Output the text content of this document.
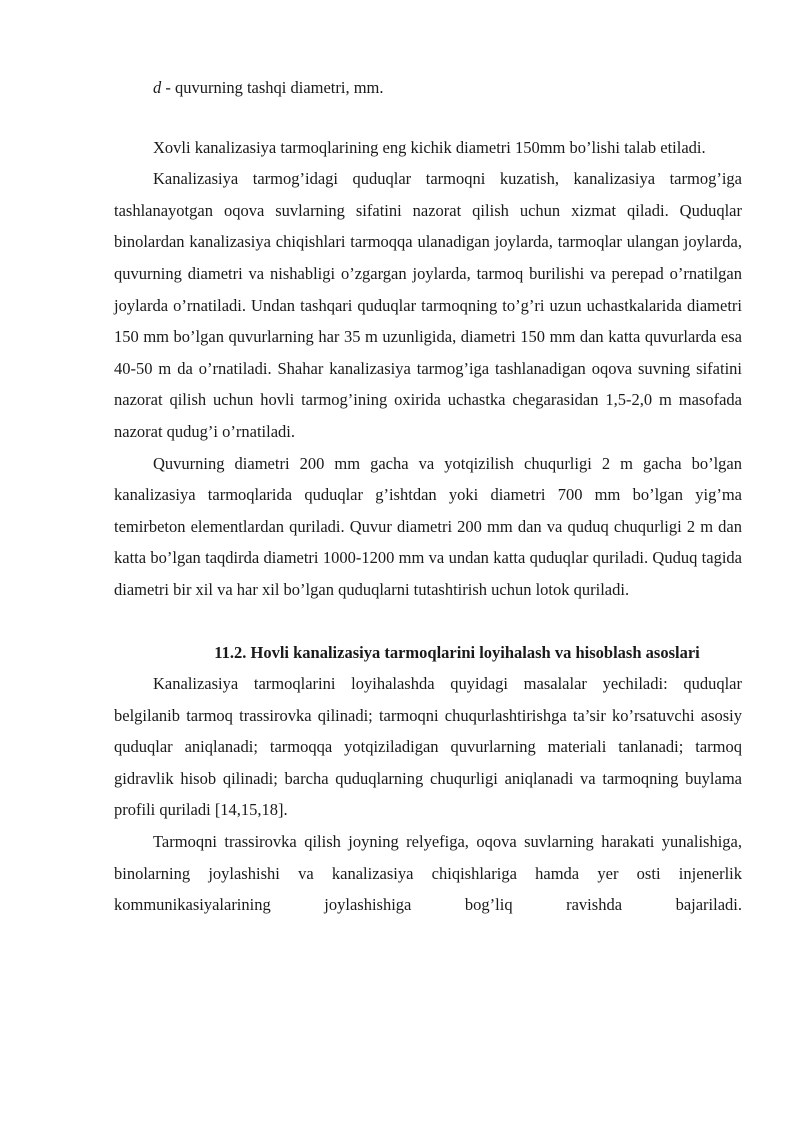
d - quvurning tashqi diametri, mm.

Xovli kanalizasiya tarmoqlarining eng kichik diametri 150mm bo’lishi talab etiladi.

Kanalizasiya tarmog’idagi quduqlar tarmoqni kuzatish, kanalizasiya tarmog’iga tashlanayotgan oqova suvlarning sifatini nazorat qilish uchun xizmat qiladi. Quduqlar binolardan kanalizasiya chiqishlari tarmoqqa ulanadigan joylarda, tarmoqlar ulangan joylarda, quvurning diametri va nishabligi o’zgargan joylarda, tarmoq burilishi va perepad o’rnatilgan joylarda o’rnatiladi. Undan tashqari quduqlar tarmoqning to’g’ri uzun uchastkalarida diametri 150 mm bo’lgan quvurlarning har 35 m uzunligida, diametri 150 mm dan katta quvurlarda esa 40-50 m da o’rnatiladi. Shahar kanalizasiya tarmog’iga tashlanadigan oqova suvning sifatini nazorat qilish uchun hovli tarmog’ining oxirida uchastka chegarasidan 1,5-2,0 m masofada nazorat qudug’i o’rnatiladi.

Quvurning diametri 200 mm gacha va yotqizilish chuqurligi 2 m gacha bo’lgan kanalizasiya tarmoqlarida quduqlar g’ishtdan yoki diametri 700 mm bo’lgan yig’ma temirbeton elementlardan quriladi. Quvur diametri 200 mm dan va quduq chuqurligi 2 m dan katta bo’lgan taqdirda diametri 1000-1200 mm va undan katta quduqlar quriladi. Quduq tagida diametri bir xil va har xil bo’lgan quduqlarni tutashtirish uchun lotok quriladi.

11.2. Hovli kanalizasiya tarmoqlarini loyihalash va hisoblash asoslari

Kanalizasiya tarmoqlarini loyihalashda quyidagi masalalar yechiladi: quduqlar belgilanib tarmoq trassirovka qilinadi; tarmoqni chuqurlashtirishga ta’sir ko’rsatuvchi asosiy quduqlar aniqlanadi; tarmoqqa yotqiziladigan quvurlarning materiali tanlanadi; tarmoq gidravlik hisob qilinadi; barcha quduqlarning chuqurligi aniqlanadi va tarmoqning buylama profili quriladi [14,15,18].

Tarmoqni trassirovka qilish joyning relyefiga, oqova suvlarning harakati yunalishiga, binolarning joylashishi va kanalizasiya chiqishlariga hamda yer osti injenerlik kommunikasiyalarining joylashishiga bog’liq ravishda bajariladi.
